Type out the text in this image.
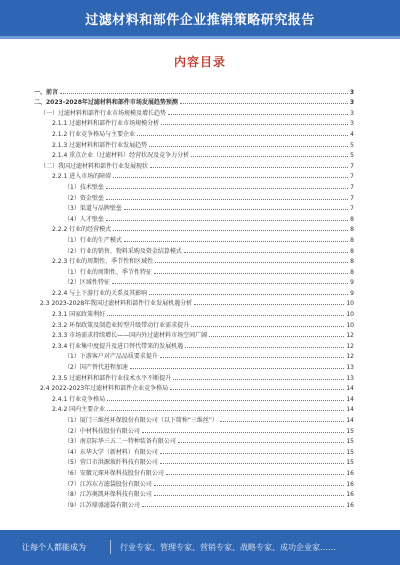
过滤材料和部件企业推销策略研究报告
内容目录
一、前言	3
二、2023-2028年过滤材料和部件市场发展趋势预测	3
（一）过滤材料和部件行业市场规模及增长趋势	3
2.1.1 过滤材料和部件行业市场规模分析	3
2.1.2 行业竞争格局与主要企业	4
2.1.3 过滤材料和部件行业发展趋势	5
2.1.4 重点企业（过滤材料）经营状况及竞争力分析	5
（二）我国过滤材料和部件行业发展现状	7
2.2.1 进入市场的障碍	7
（1）技术壁垒	7
（2）资金壁垒	7
（3）渠道与品牌壁垒	7
（4）人才壁垒	8
2.2.2 行业的经营模式	8
（1）行业的生产模式	8
（2）行业的销售、物料采购及资金结算模式	8
2.2.3 行业的周期性、季节性和区域性	8
（1）行业的周期性、季节性特征	8
（2）区域性特征	9
2.2.4 与上下游行业的关系及其影响	9
2.3 2023-2028年我国过滤材料和部件行业发展机遇分析	10
2.3.1 国家政策利好	10
2.3.2 环保政策及制造业转型升级带动行业需求提升	10
2.3.3 市场需求持续增长——国内外过滤材料市场空间广阔	12
2.3.4 行业集中度提升及进口替代带来的发展机遇	12
（1）下游客户对产品品质要求提升	12
（2）国产替代进程加速	13
2.3.5 过滤材料和部件行业技术水平不断提升	13
2.4 2022-2023年过滤材料和部件企业竞争格局	14
2.4.1 行业竞争格局	14
2.4.2 国内主要企业	14
（1）厦门三维丝环保股份有限公司（以下简称“三维丝”）	14
（2）中材科技股份有限公司	15
（3）南京际华三五二一特种装备有限公司	15
（4）东华大学（新材料）有限公司	15
（5）营口市洪源玻纤科技有限公司	15
（6）安徽元琛环保科技股份有限公司	16
（7）江苏东方滤袋股份有限公司	16
（8）江苏奥凯环保科技有限公司	16
（9）江苏鼎盛滤袋有限公司	16
让每个人都能成为	行业专家、管理专家、营销专家、战略专家、成功企业家……
